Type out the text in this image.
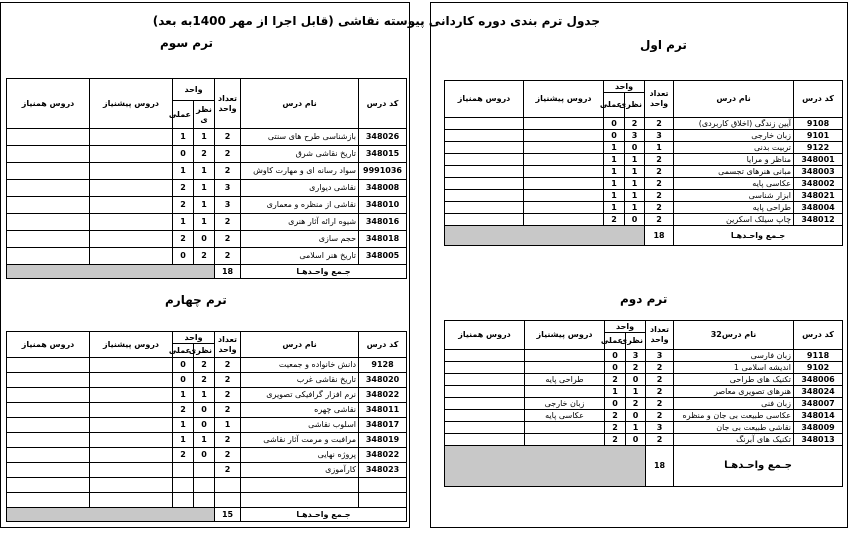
جدول ترم بندی دوره کاردانی پیوسته نقاشی (قابل اجرا از مهر 1400به بعد)
ترم اول
ترم دوم
ترم سوم
ترم چهارم
کد درس	نام درس	تعداد واحد	واحد		دروس پیشنیاز	دروس همنیاز
			نظری	عملی		
9108	آیین زندگی (اخلاق کاربردی)	2	2	0		
9101	زبان خارجی	3	3	0		
9122	تربیت بدنی	1	0	1		
348001	مناظر و مرایا	2	1	1		
348003	مبانی هنرهای تجسمی	2	1	1		
348002	عکاسی پایه	2	1	1		
348021	ابزار شناسی	2	1	1		
348004	طراحی پایه	2	1	1		
348012	چاپ سیلک اسکرین	2	0	2		
جـمع واحـدهـا		18				
کد درس	نام درس32	تعداد واحد	واحد		دروس پیشنیاز	دروس همنیاز
			نظری	عملی		
9118	زبان فارسی	3	3	0		
9102	اندیشه اسلامی 1	2	2	0		
348006	تکنیک های طراحی	2	0	2	طراحی پایه	
348024	هنرهای تصویری معاصر	2	1	1		
348007	زبان فنی	2	2	0	زبان خارجی	
348014	عکاسی طبیعت بی جان و منظره	2	0	2	عکاسی پایه	
348009	نقاشی طبیعت بی جان	3	1	2		
348013	تکنیک های آبرنگ	2	0	2		
جـمع واحـدهـا		18				
کد درس	نام درس	تعداد واحد	واحد		دروس پیشنیاز	دروس همنیاز
			نظر ی	عملی		
348026	بازشناسی طرح های سنتی	2	1	1		
348015	تاریخ نقاشی شرق	2	2	0		
9991036	سواد رسانه ای و مهارت کاوش	2	1	1		
348008	نقاشی دیواری	3	1	2		
348010	نقاشی از منظره و معماری	3	1	2		
348016	شیوه ارائه آثار هنری	2	1	1		
348018	حجم سازی	2	0	2		
348005	تاریخ هنر اسلامی	2	2	0		
جـمع واحـدهـا		18				
کد درس	نام درس	تعداد واحد	واحد		دروس پیشنیاز	دروس همنیاز
			نظری	عملی		
9128	دانش خانواده و جمعیت	2	2	0		
348020	تاریخ نقاشی غرب	2	2	0		
348022	نرم افزار گرافیکی تصویری	2	1	1		
348011	نقاشی چهره	2	0	2		
348017	اسلوب نقاشی	1	0	1		
348019	مرافبت و مرمت آثار نقاشی	2	1	1		
348022	پروژه نهایی	2	0	2		
348023	کارآموزی	2				

جـمع واحـدهـا		15				
